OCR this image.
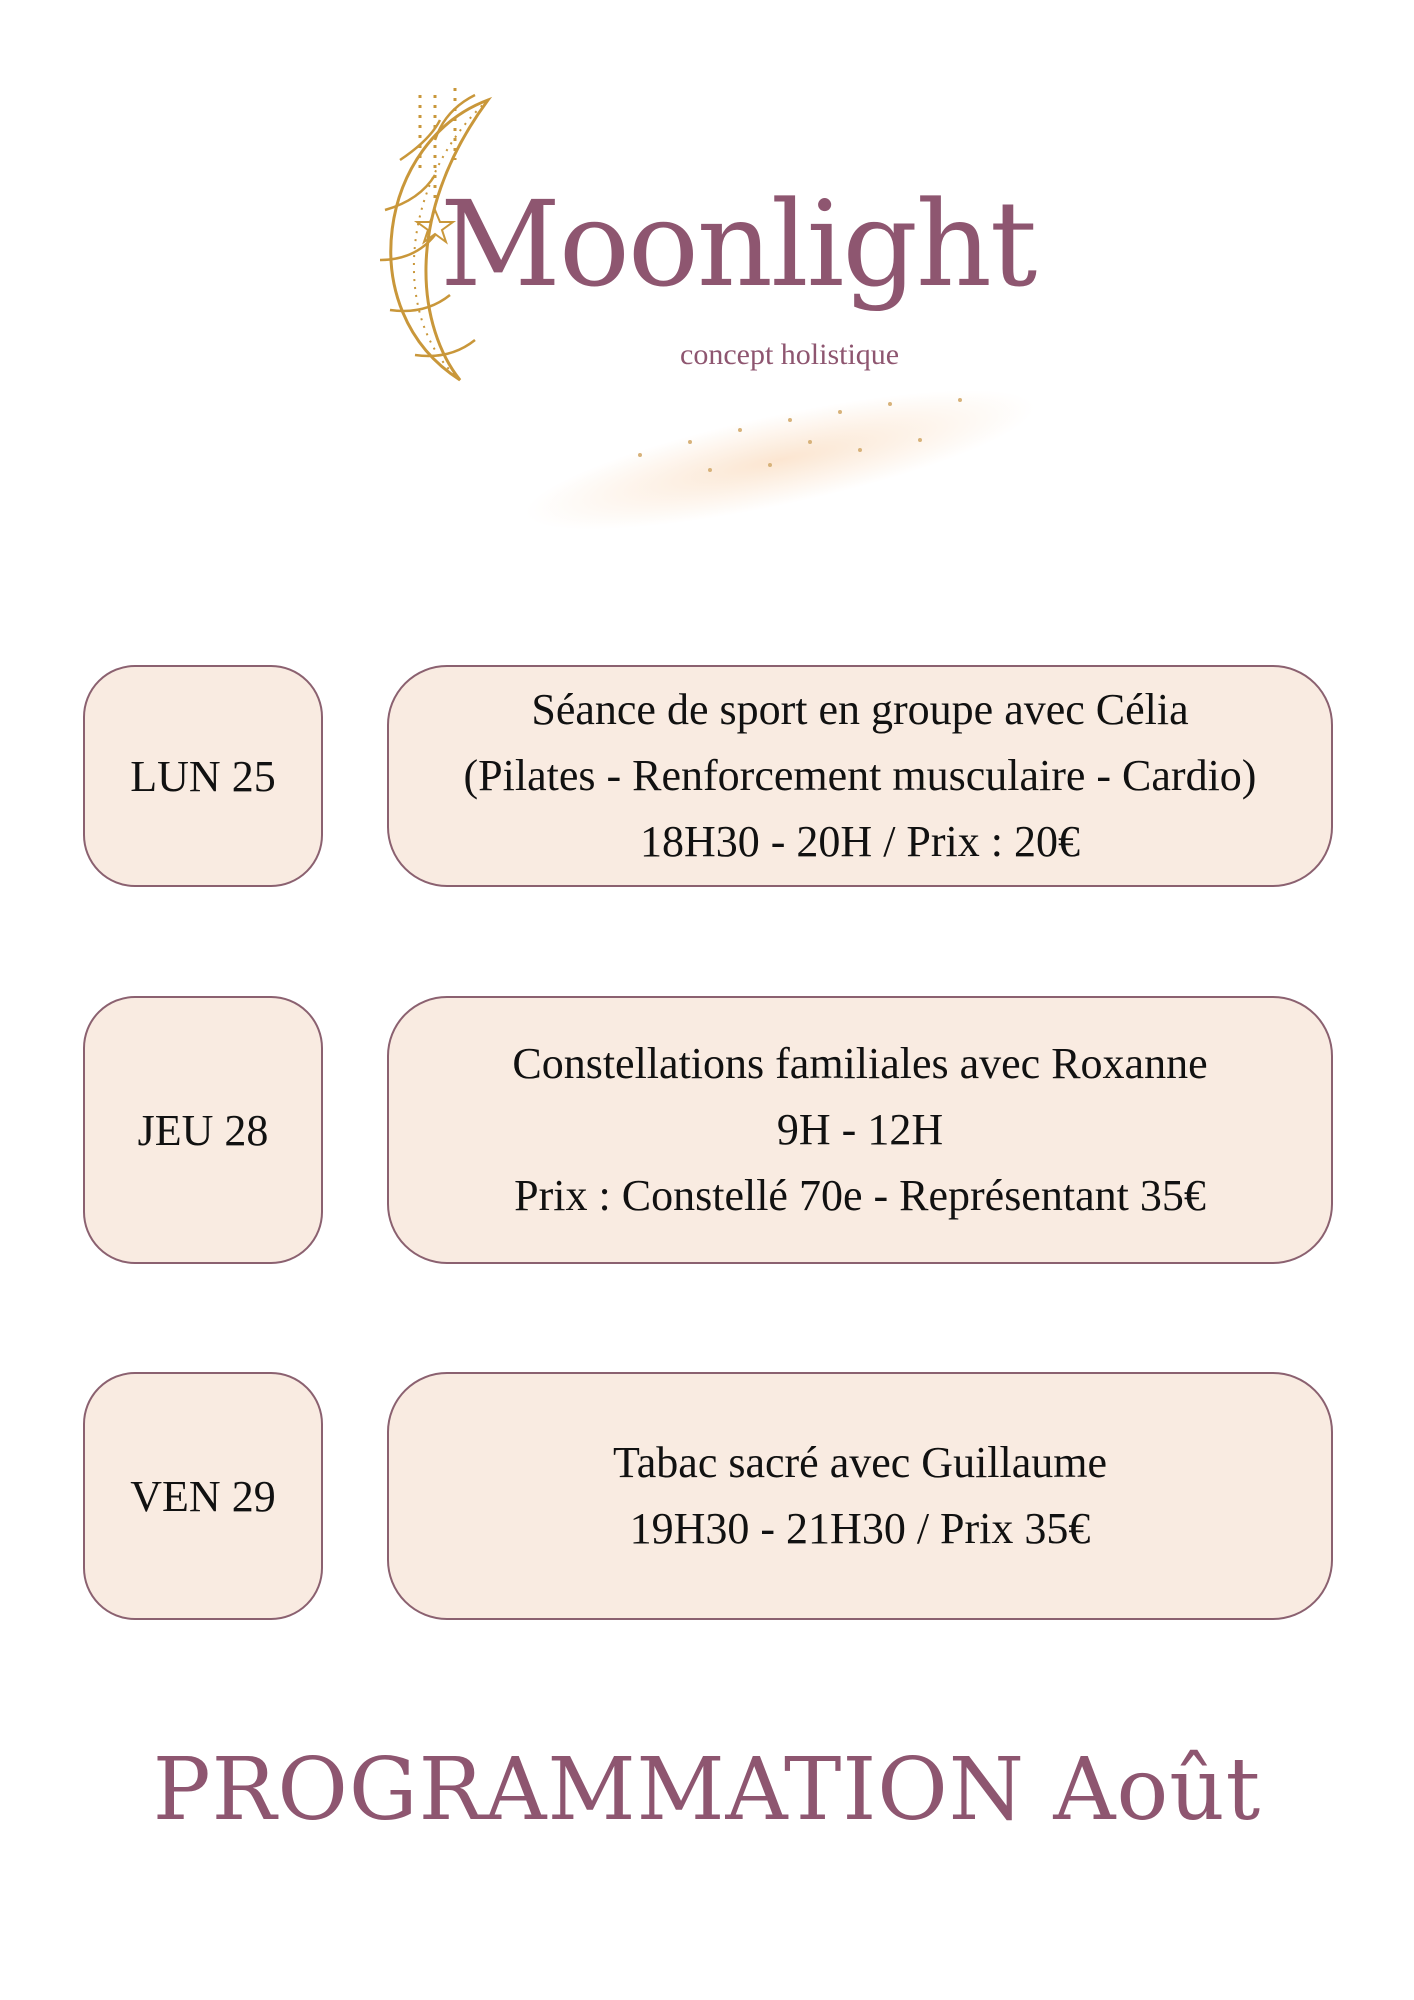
Moonlight
concept holistique
LUN 25
Séance de sport en groupe avec Célia
(Pilates - Renforcement musculaire - Cardio)
18H30 - 20H / Prix : 20€
JEU 28
Constellations familiales avec Roxanne
9H - 12H
Prix : Constellé 70e - Représentant 35€
VEN 29
Tabac sacré avec Guillaume
19H30 - 21H30 / Prix 35€
PROGRAMMATION Août
